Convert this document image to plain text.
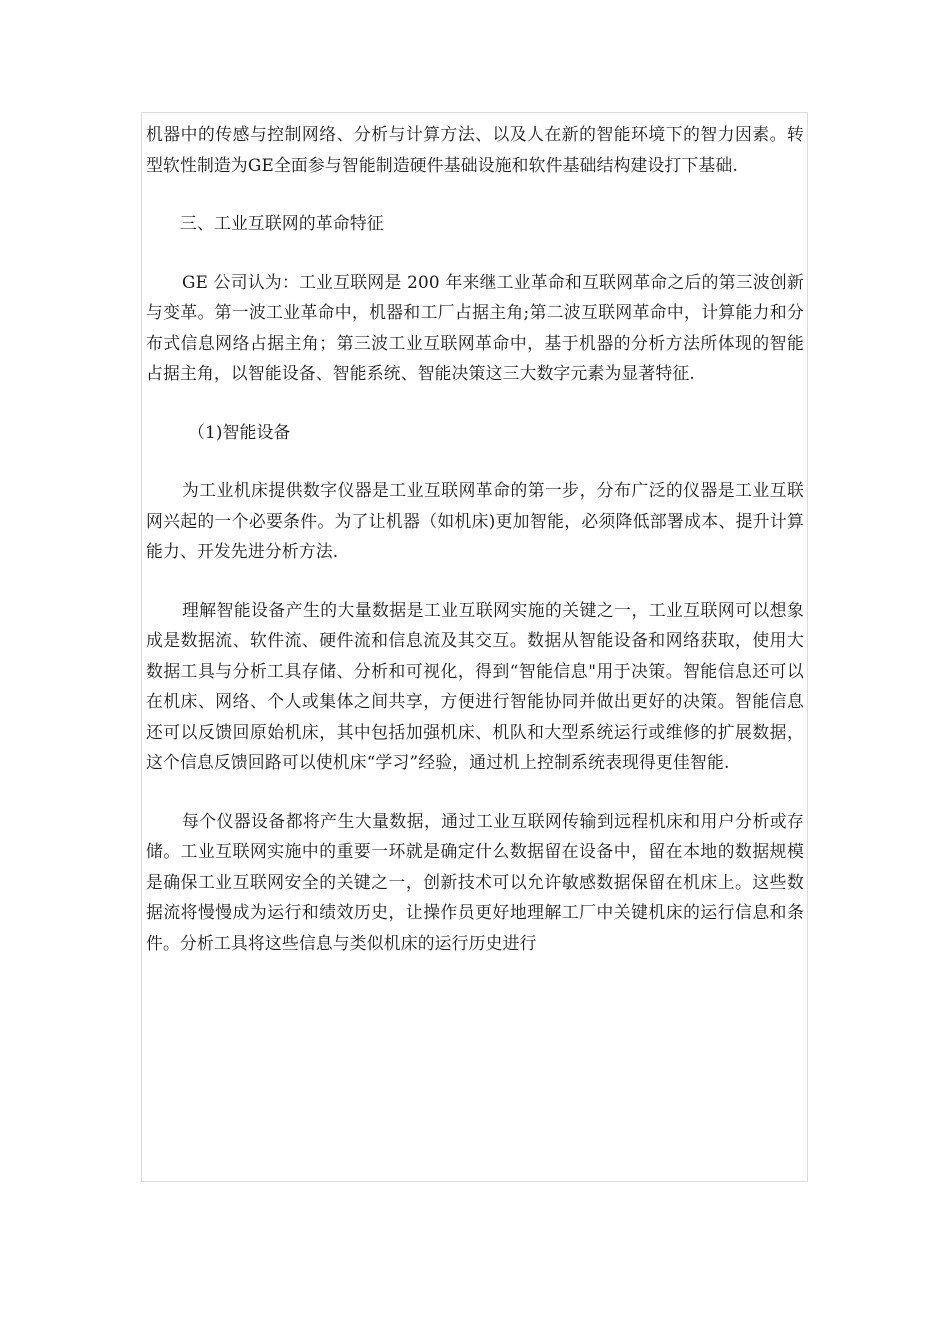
机器中的传感与控制网络、分析与计算方法、以及人在新的智能环境下的智力因素。转型软性制造为GE全面参与智能制造硬件基础设施和软件基础结构建设打下基础.

三、工业互联网的革命特征

GE 公司认为：工业互联网是 200 年来继工业革命和互联网革命之后的第三波创新与变革。第一波工业革命中，机器和工厂占据主角;第二波互联网革命中，计算能力和分布式信息网络占据主角；第三波工业互联网革命中，基于机器的分析方法所体现的智能占据主角，以智能设备、智能系统、智能决策这三大数字元素为显著特征.

（1)智能设备

为工业机床提供数字仪器是工业互联网革命的第一步，分布广泛的仪器是工业互联网兴起的一个必要条件。为了让机器（如机床)更加智能，必须降低部署成本、提升计算能力、开发先进分析方法.

理解智能设备产生的大量数据是工业互联网实施的关键之一，工业互联网可以想象成是数据流、软件流、硬件流和信息流及其交互。数据从智能设备和网络获取，使用大数据工具与分析工具存储、分析和可视化，得到“智能信息"用于决策。智能信息还可以在机床、网络、个人或集体之间共享，方便进行智能协同并做出更好的决策。智能信息还可以反馈回原始机床，其中包括加强机床、机队和大型系统运行或维修的扩展数据，这个信息反馈回路可以使机床“学习”经验，通过机上控制系统表现得更佳智能.

每个仪器设备都将产生大量数据，通过工业互联网传输到远程机床和用户分析或存储。工业互联网实施中的重要一环就是确定什么数据留在设备中，留在本地的数据规模是确保工业互联网安全的关键之一，创新技术可以允许敏感数据保留在机床上。这些数据流将慢慢成为运行和绩效历史，让操作员更好地理解工厂中关键机床的运行信息和条件。分析工具将这些信息与类似机床的运行历史进行
